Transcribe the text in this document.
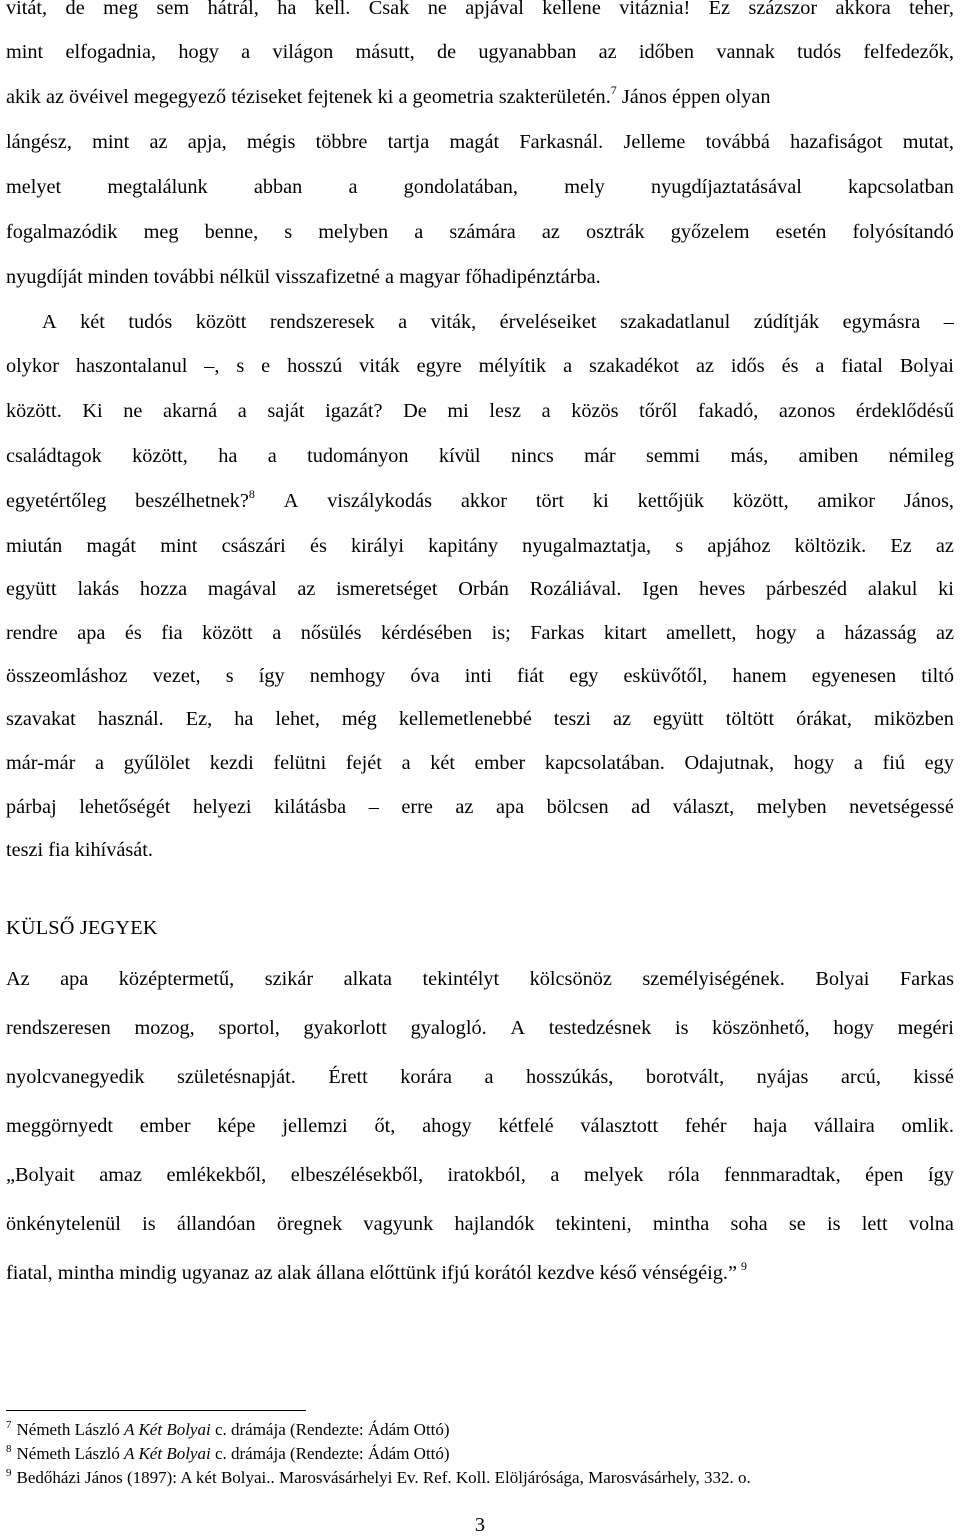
vitát, de meg sem hátrál, ha kell. Csak ne apjával kellene vitáznia! Ez százszor akkora teher,
mint elfogadnia, hogy a világon másutt, de ugyanabban az időben vannak tudós felfedezők,
akik az övéivel megegyező téziseket fejtenek ki a geometria szakterületén.$^7$ János éppen olyan
lángész, mint az apja, mégis többre tartja magát Farkasnál. Jelleme továbbá hazafiságot mutat,
melyet megtalálunk abban a gondolatában, mely nyugdíjaztatásával kapcsolatban
fogalmazódik meg benne, s melyben a számára az osztrák győzelem esetén folyósítandó
nyugdíját minden további nélkül visszafizetné a magyar főhadipénztárba.
A két tudós között rendszeresek a viták, érveléseiket szakadatlanul zúdítják egymásra –
olykor haszontalanul –, s e hosszú viták egyre mélyítik a szakadékot az idős és a fiatal Bolyai
között. Ki ne akarná a saját igazát? De mi lesz a közös tőről fakadó, azonos érdeklődésű
családtagok között, ha a tudományon kívül nincs már semmi más, amiben némileg
egyetértőleg beszélhetnek?8 A viszálykodás akkor tört ki kettőjük között, amikor János,
miután magát mint császári és királyi kapitány nyugalmaztatja, s apjához költözik. Ez az
együtt lakás hozza magával az ismeretséget Orbán Rozáliával. Igen heves párbeszéd alakul ki
rendre apa és fia között a nősülés kérdésében is; Farkas kitart amellett, hogy a házasság az
összeomláshoz vezet, s így nemhogy óva inti fiát egy esküvőtől, hanem egyenesen tiltó
szavakat használ. Ez, ha lehet, még kellemetlenebbé teszi az együtt töltött órákat, miközben
már-már a gyűlölet kezdi felütni fejét a két ember kapcsolatában. Odajutnak, hogy a fiú egy
párbaj lehetőségét helyezi kilátásba – erre az apa bölcsen ad választ, melyben nevetségessé
teszi fia kihívását.
KÜLSŐ JEGYEK
Az apa középtermetű, szikár alkata tekintélyt kölcsönöz személyiségének. Bolyai Farkas
rendszeresen mozog, sportol, gyakorlott gyalogló. A testedzésnek is köszönhető, hogy megéri
nyolcvanegyedik születésnapját. Érett korára a hosszúkás, borotvált, nyájas arcú, kissé
meggörnyedt ember képe jellemzi őt, ahogy kétfelé választott fehér haja vállaira omlik.
„Bolyait amaz emlékekből, elbeszélésekből, iratokból, a melyek róla fennmaradtak, épen így
önkénytelenül is állandóan öregnek vagyunk hajlandók tekinteni, mintha soha se is lett volna
fiatal, mintha mindig ugyanaz az alak állana előttünk ifjú korától kezdve késő vénségéig.” $^9$
$^7$ Németh László A Két Bolyai c. drámája (Rendezte: Ádám Ottó)
$^8$ Németh László A Két Bolyai c. drámája (Rendezte: Ádám Ottó)
$^9$ Bedőházi János (1897): A két Bolyai.. Marosvásárhelyi Ev. Ref. Koll. Elöljárósága, Marosvásárhely, 332. o.
3
